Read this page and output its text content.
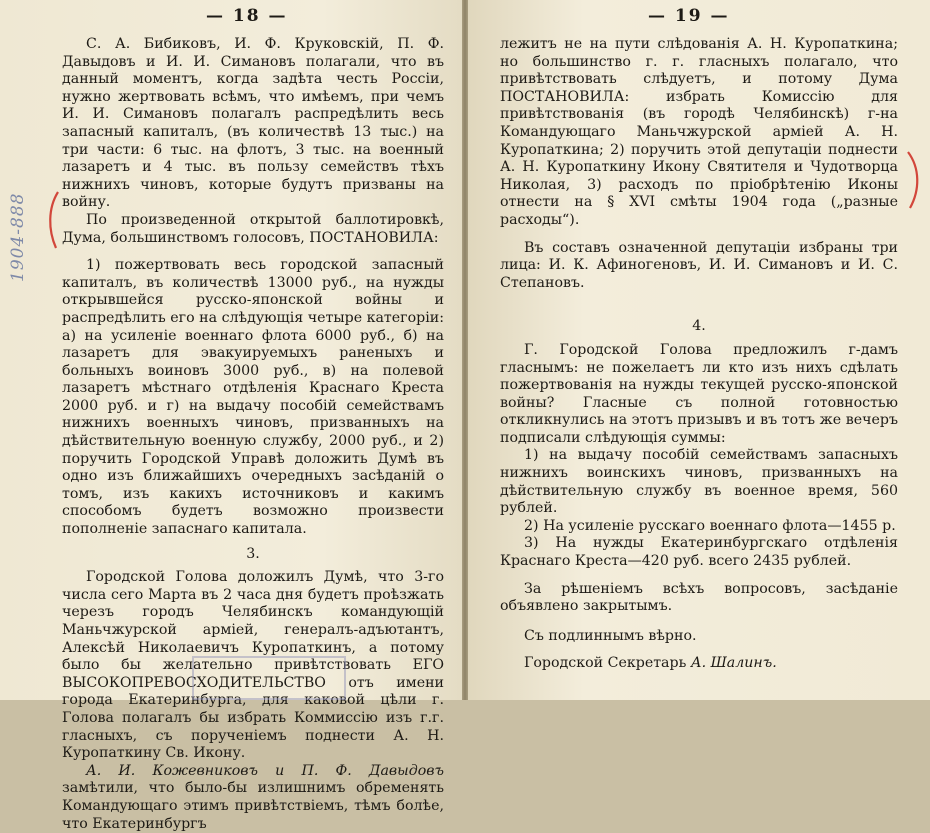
— 18 —
1904-888

С. А. Бибиковъ, И. Ф. Круковскій, П. Ф. Давыдовъ и И. И. Симановъ полагали, что въ данный моментъ, когда задѣта честь Россіи, нужно жертвовать всѣмъ, что имѣемъ, при чемъ И. И. Симановъ полагалъ распредѣлить весь запасный капиталъ, (въ количествѣ 13 тыс.) на три части: 6 тыс. на флотъ, 3 тыс. на военный лазаретъ и 4 тыс. въ пользу семействъ тѣхъ нижнихъ чиновъ, которые будутъ призваны на войну.

По произведенной открытой баллотировкѣ, Дума, большинствомъ голосовъ, ПОСТАНОВИЛА:

1) пожертвовать весь городской запасный капиталъ, въ количествѣ 13000 руб., на нужды открывшейся русско-японской войны и распредѣлить его на слѣдующія четыре категоріи: а) на усиленіе военнаго флота 6000 руб., б) на лазаретъ для эвакуируемыхъ раненыхъ и больныхъ воиновъ 3000 руб., в) на полевой лазаретъ мѣстнаго отдѣленія Краснаго Креста 2000 руб. и г) на выдачу пособій семействамъ нижнихъ военныхъ чиновъ, призванныхъ на дѣйствительную военную службу, 2000 руб., и 2) поручить Городской Управѣ доложить Думѣ въ одно изъ ближайшихъ очередныхъ засѣданій о томъ, изъ какихъ источниковъ и какимъ способомъ будетъ возможно произвести пополненіе запаснаго капитала.

3.

Городской Голова доложилъ Думѣ, что 3-го числа сего Марта въ 2 часа дня будетъ проѣзжать черезъ городъ Челябинскъ командующій Маньчжурской арміей, генералъ-адъютантъ, Алексѣй Николаевичъ Куропаткинъ, а потому было бы желательно привѣтствовать ЕГО ВЫСОКОПРЕВОСХОДИТЕЛЬСТВО отъ имени города Екатеринбурга, для каковой цѣли г. Голова полагалъ бы избрать Коммиссію изъ г.г. гласныхъ, съ порученіемъ поднести А. Н. Куропаткину Св. Икону.

А. И. Кожевниковъ и П. Ф. Давыдовъ замѣтили, что было-бы излишнимъ обременять Командующаго этимъ привѣтствіемъ, тѣмъ болѣе, что Екатеринбургъ

— 19 —

лежитъ не на пути слѣдованія А. Н. Куропаткина; но большинство г. г. гласныхъ полагало, что привѣтствовать слѣдуетъ, и потому Дума ПОСТАНОВИЛА: избрать Комиссію для привѣтствованія (въ городѣ Челябинскѣ) г-на Командующаго Маньчжурской арміей А. Н. Куропаткина; 2) поручить этой депутаціи поднести А. Н. Куропаткину Икону Святителя и Чудотворца Николая, 3) расходъ по пріобрѣтенію Иконы отнести на § XVI смѣты 1904 года („разные расходы“).

Въ составъ означенной депутаціи избраны три лица: И. К. Афиногеновъ, И. И. Симановъ и И. С. Степановъ.

4.

Г. Городской Голова предложилъ г-дамъ гласнымъ: не пожелаетъ ли кто изъ нихъ сдѣлать пожертвованія на нужды текущей русско-японской войны? Гласные съ полной готовностью откликнулись на этотъ призывъ и въ тотъ же вечеръ подписали слѣдующія суммы:

1) на выдачу пособій семействамъ запасныхъ нижнихъ воинскихъ чиновъ, призванныхъ на дѣйствительную службу въ военное время, 560 рублей.

2) На усиленіе русскаго военнаго флота—1455 р.

3) На нужды Екатеринбургскаго отдѣленія Краснаго Креста—420 руб. всего 2435 рублей.

За рѣшеніемъ всѣхъ вопросовъ, засѣданіе объявлено закрытымъ.

Съ подлиннымъ вѣрно.

Городской Секретарь А. Шалинъ.
